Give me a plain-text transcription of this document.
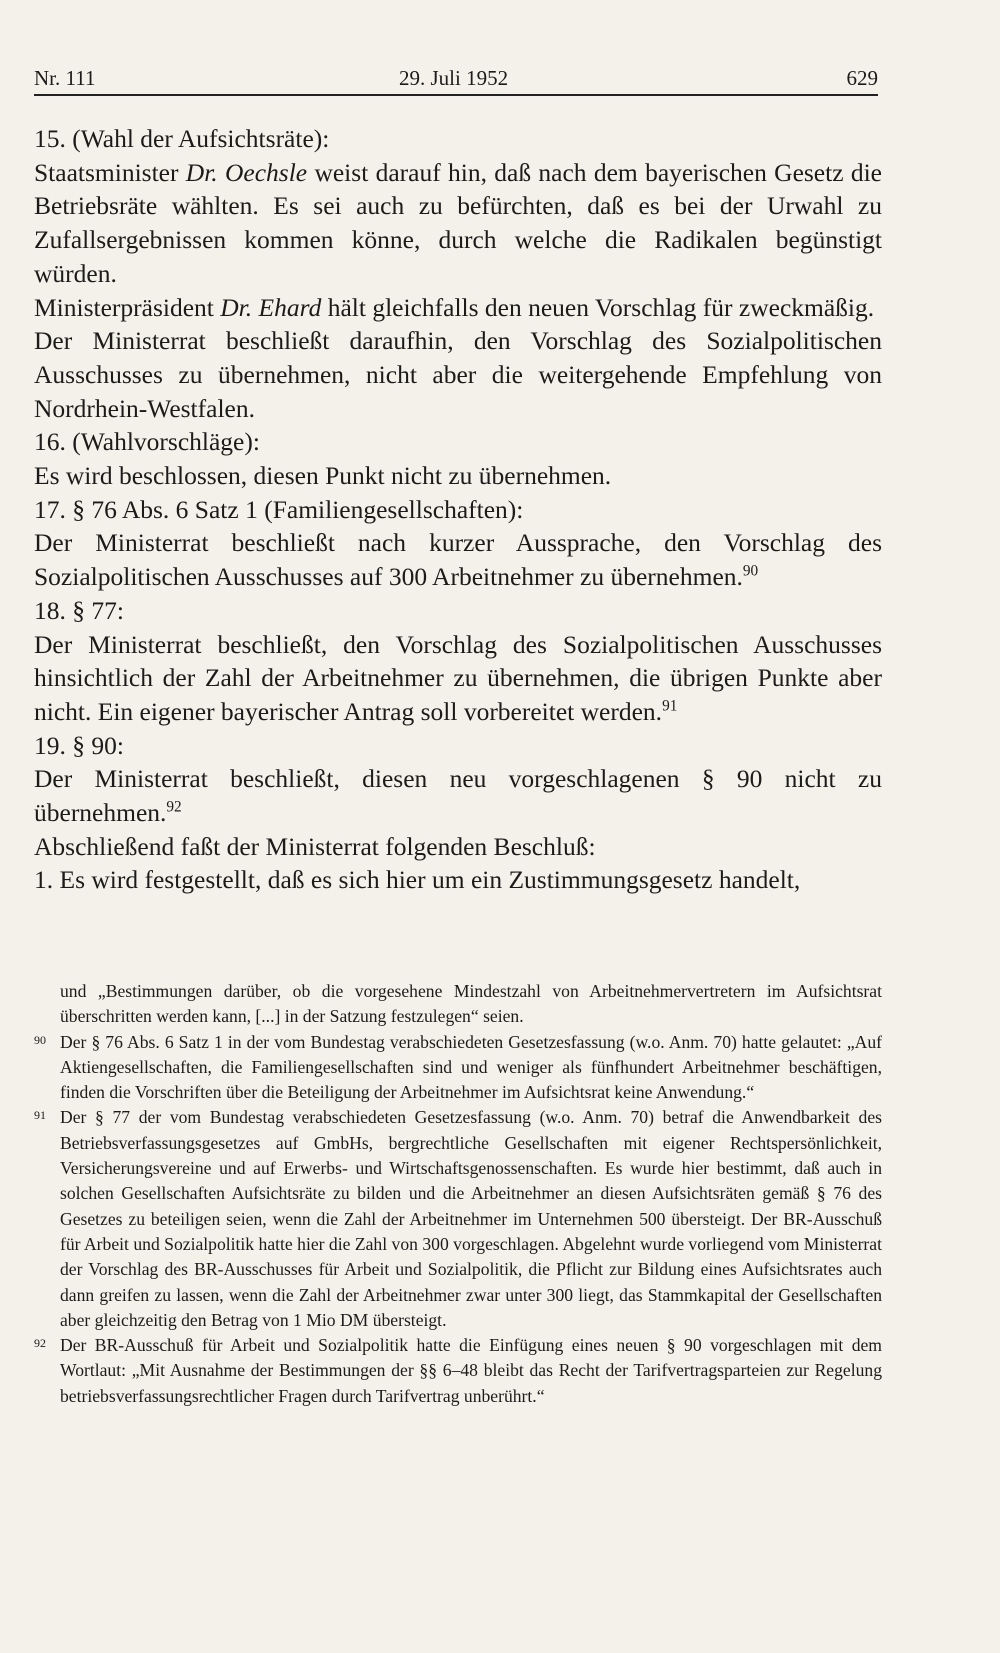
Nr. 111	29. Juli 1952	629

15. (Wahl der Aufsichtsräte):

Staatsminister Dr. Oechsle weist darauf hin, daß nach dem bayerischen Gesetz die Betriebsräte wählten. Es sei auch zu befürchten, daß es bei der Urwahl zu Zufallsergebnissen kommen könne, durch welche die Radikalen begünstigt würden.

Ministerpräsident Dr. Ehard hält gleichfalls den neuen Vorschlag für zweckmäßig.

Der Ministerrat beschließt daraufhin, den Vorschlag des Sozialpolitischen Ausschusses zu übernehmen, nicht aber die weitergehende Empfehlung von Nordrhein-Westfalen.

16. (Wahlvorschläge):

Es wird beschlossen, diesen Punkt nicht zu übernehmen.

17. § 76 Abs. 6 Satz 1 (Familiengesellschaften):

Der Ministerrat beschließt nach kurzer Aussprache, den Vorschlag des Sozialpolitischen Ausschusses auf 300 Arbeitnehmer zu übernehmen.$^{90}$

18. § 77:

Der Ministerrat beschließt, den Vorschlag des Sozialpolitischen Ausschusses hinsichtlich der Zahl der Arbeitnehmer zu übernehmen, die übrigen Punkte aber nicht. Ein eigener bayerischer Antrag soll vorbereitet werden.$^{91}$

19. § 90:

Der Ministerrat beschließt, diesen neu vorgeschlagenen § 90 nicht zu übernehmen.$^{92}$

Abschließend faßt der Ministerrat folgenden Beschluß:

1. Es wird festgestellt, daß es sich hier um ein Zustimmungsgesetz handelt,

und „Bestimmungen darüber, ob die vorgesehene Mindestzahl von Arbeitnehmervertretern im Aufsichtsrat überschritten werden kann, [...] in der Satzung festzulegen“ seien.

90 Der § 76 Abs. 6 Satz 1 in der vom Bundestag verabschiedeten Gesetzesfassung (w.o. Anm. 70) hatte gelautet: „Auf Aktiengesellschaften, die Familiengesellschaften sind und weniger als fünfhundert Arbeitnehmer beschäftigen, finden die Vorschriften über die Beteiligung der Arbeitnehmer im Aufsichtsrat keine Anwendung.“

91 Der § 77 der vom Bundestag verabschiedeten Gesetzesfassung (w.o. Anm. 70) betraf die Anwendbarkeit des Betriebsverfassungsgesetzes auf GmbHs, bergrechtliche Gesellschaften mit eigener Rechtspersönlichkeit, Versicherungsvereine und auf Erwerbs- und Wirtschaftsgenossenschaften. Es wurde hier bestimmt, daß auch in solchen Gesellschaften Aufsichtsräte zu bilden und die Arbeitnehmer an diesen Aufsichtsräten gemäß § 76 des Gesetzes zu beteiligen seien, wenn die Zahl der Arbeitnehmer im Unternehmen 500 übersteigt. Der BR-Ausschuß für Arbeit und Sozialpolitik hatte hier die Zahl von 300 vorgeschlagen. Abgelehnt wurde vorliegend vom Ministerrat der Vorschlag des BR-Ausschusses für Arbeit und Sozialpolitik, die Pflicht zur Bildung eines Aufsichtsrates auch dann greifen zu lassen, wenn die Zahl der Arbeitnehmer zwar unter 300 liegt, das Stammkapital der Gesellschaften aber gleichzeitig den Betrag von 1 Mio DM übersteigt.

92 Der BR-Ausschuß für Arbeit und Sozialpolitik hatte die Einfügung eines neuen § 90 vorgeschlagen mit dem Wortlaut: „Mit Ausnahme der Bestimmungen der §§ 6–48 bleibt das Recht der Tarifvertragsparteien zur Regelung betriebsverfassungsrechtlicher Fragen durch Tarifvertrag unberührt.“
